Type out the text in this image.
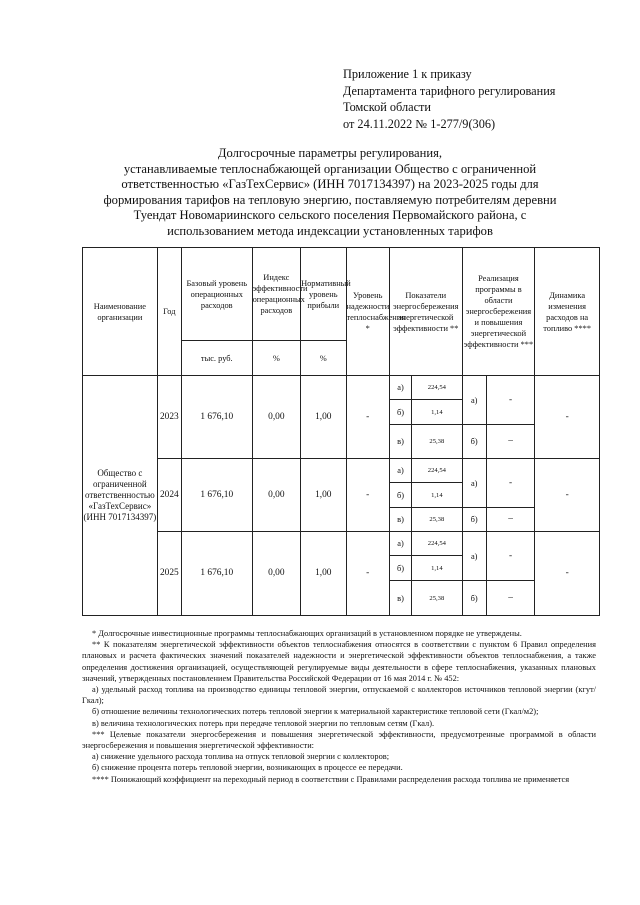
Приложение 1 к приказу
Департамента тарифного регулирования
Томской области
от 24.11.2022 № 1-277/9(306)
Долгосрочные параметры регулирования,
устанавливаемые теплоснабжающей организации Общество с ограниченной
ответственностью «ГазТехСервис» (ИНН 7017134397) на 2023-2025 годы для
формирования тарифов на тепловую энергию, поставляемую потребителям деревни
Туендат Новомариинского сельского поселения Первомайского района, с
использованием метода индексации установленных тарифов
Наименование организации	Год	Базовый уровень операционных расходов	Индекс эффективности операционных расходов	Нормативный уровень прибыли	Уровень надежности теплоснабжения *	Показатели энергосбережения энергетической эффективности **		Реализация программы в области энергосбережения и повышения энергетической эффективности ***		Динамика изменения расходов на топливо ****
		тыс. руб.	%	%						
Общество с ограниченной ответственностью «ГазТехСервис» (ИНН 7017134397)	2023	1 676,10	0,00	1,00	-	а)	224,54	а)	-	-
						б)	1,14			
						в)	25,38	б)	–	
	2024	1 676,10	0,00	1,00	-	а)	224,54	а)	-	-
						б)	1,14			
						в)	25,38	б)	–	
	2025	1 676,10	0,00	1,00	-	а)	224,54	а)	-	-
						б)	1,14			
						в)	25,38	б)	–	

* Долгосрочные инвестиционные программы теплоснабжающих организаций в установленном порядке не утверждены.

** К показателям энергетической эффективности объектов теплоснабжения относятся в соответствии с пунктом 6 Правил определения плановых и расчета фактических значений показателей надежности и энергетической эффективности объектов теплоснабжения, а также определения достижения организацией, осуществляющей регулируемые виды деятельности в сфере теплоснабжения, указанных плановых значений, утвержденных постановлением Правительства Российской Федерации от 16 мая 2014 г. № 452:

а) удельный расход топлива на производство единицы тепловой энергии, отпускаемой с коллекторов источников тепловой энергии (кгут/Гкал);

б) отношение величины технологических потерь тепловой энергии к материальной характеристике тепловой сети (Гкал/м2);

в) величина технологических потерь при передаче тепловой энергии по тепловым сетям (Гкал).

*** Целевые показатели энергосбережения и повышения энергетической эффективности, предусмотренные программой в области энергосбережения и повышения энергетической эффективности:

а) снижение удельного расхода топлива на отпуск тепловой энергии с коллекторов;

б) снижение процента потерь тепловой энергии, возникающих в процессе ее передачи.

**** Понижающий коэффициент на переходный период в соответствии с Правилами распределения расхода топлива не применяется
